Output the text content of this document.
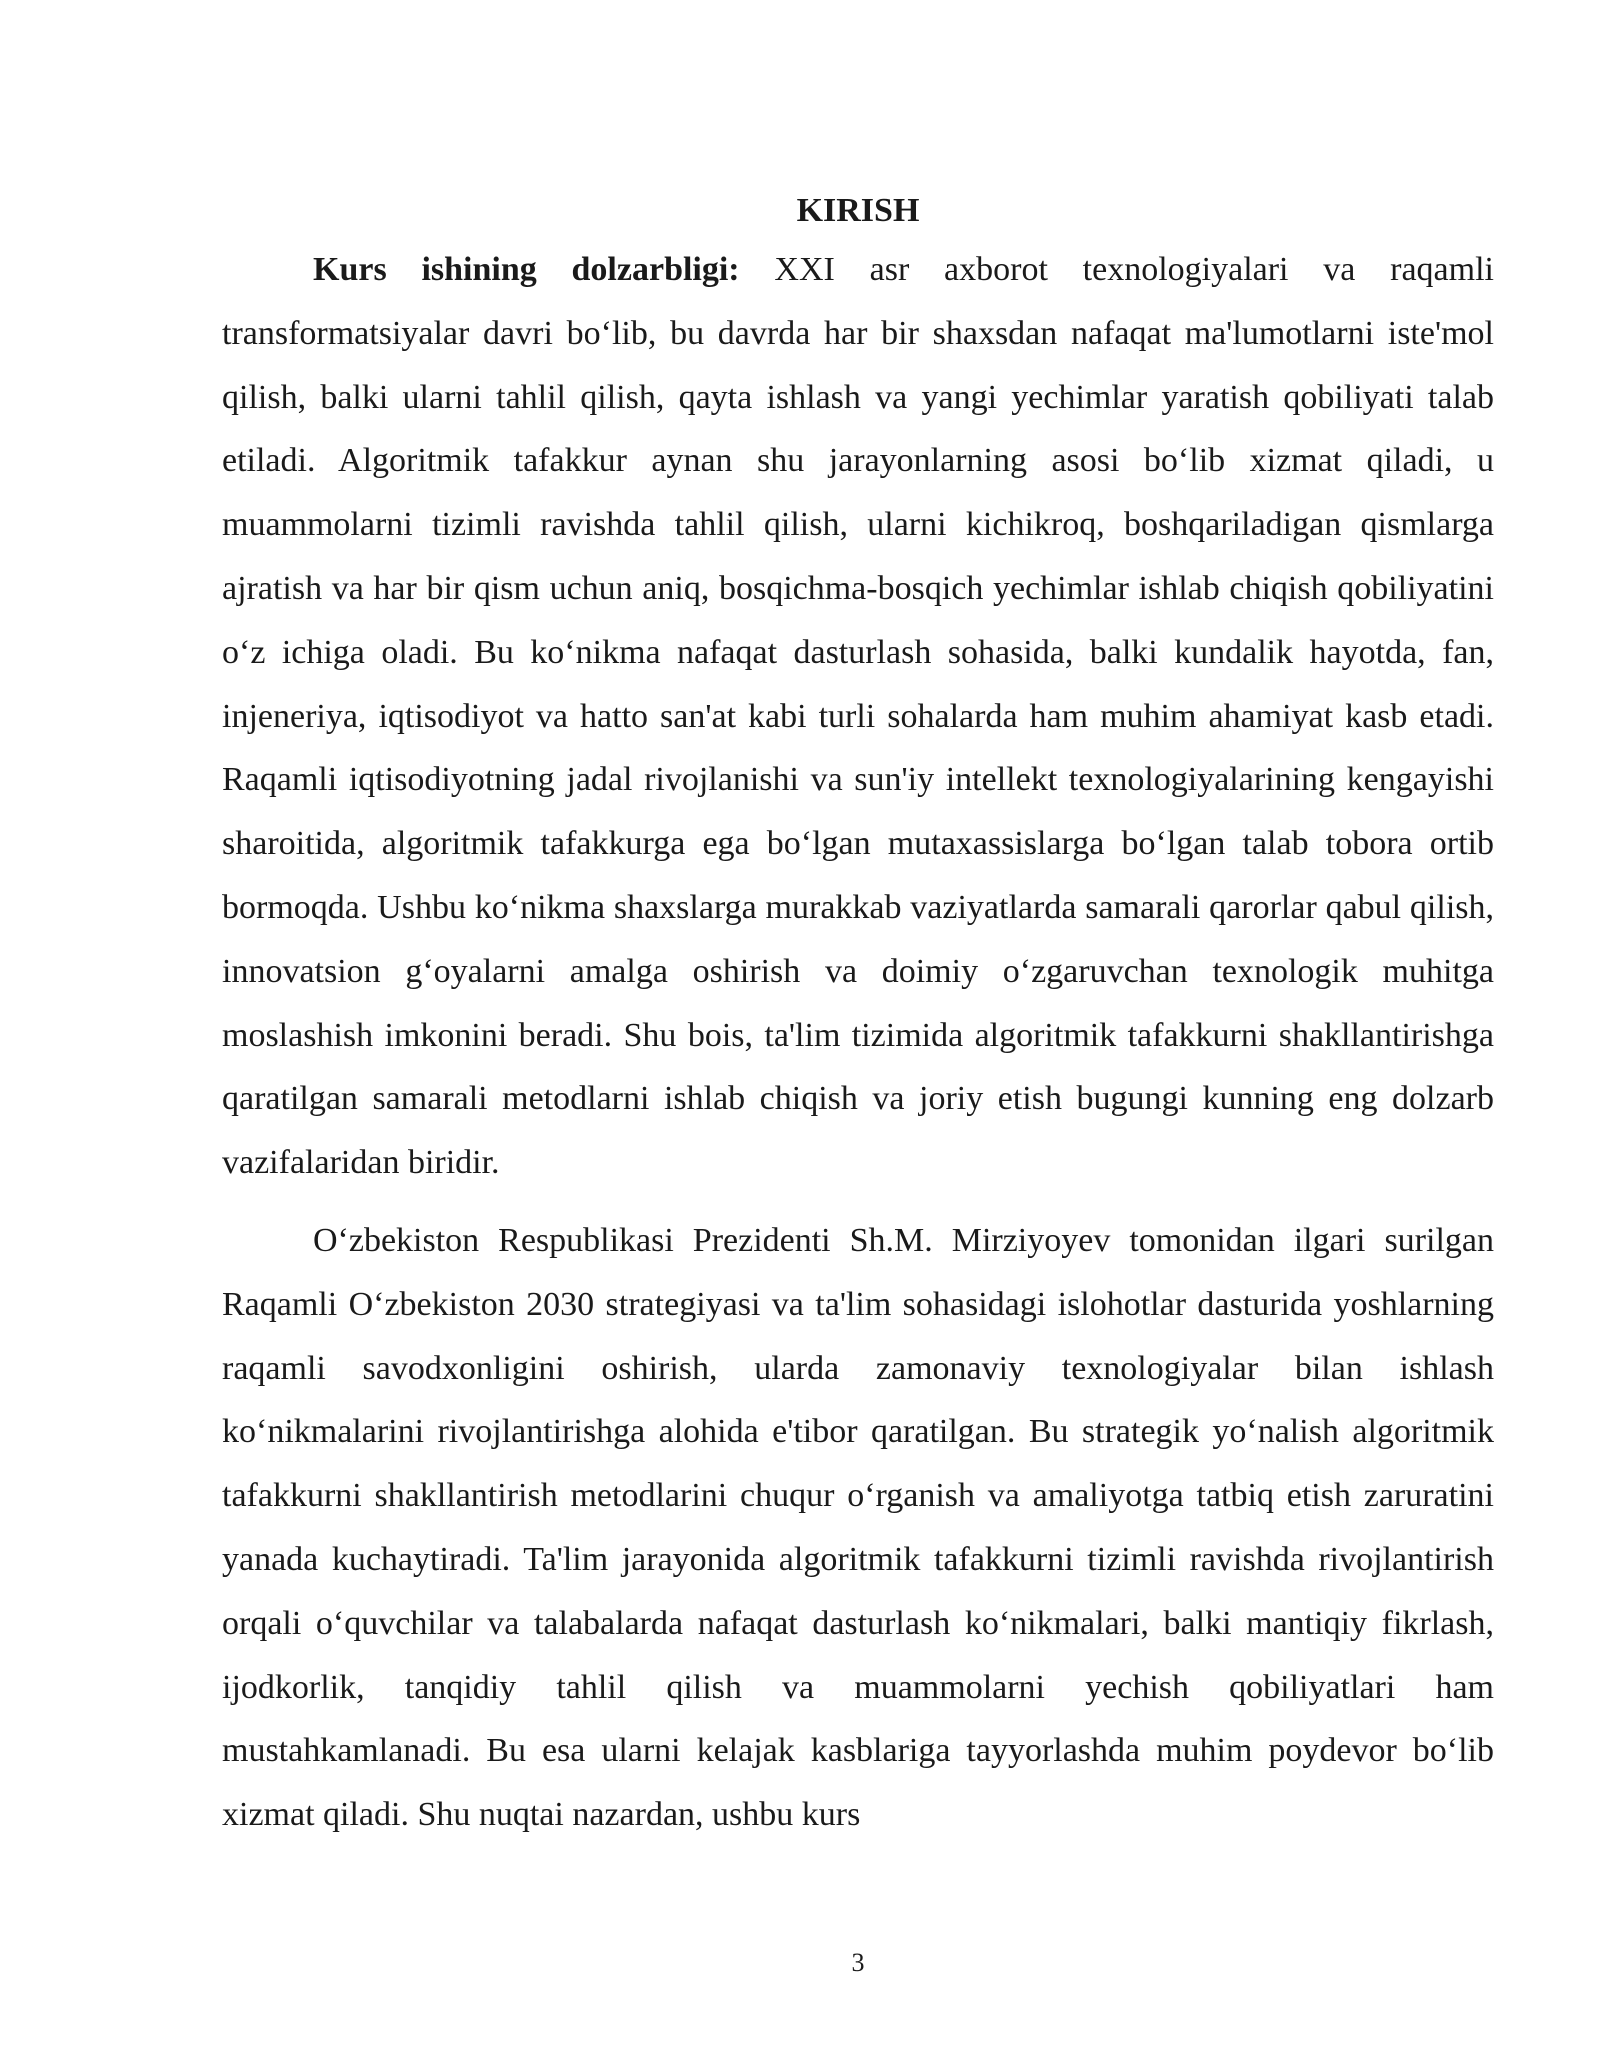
KIRISH

Kurs ishining dolzarbligi: XXI asr axborot texnologiyalari va raqamli transformatsiyalar davri bo‘lib, bu davrda har bir shaxsdan nafaqat ma'lumotlarni iste'mol qilish, balki ularni tahlil qilish, qayta ishlash va yangi yechimlar yaratish qobiliyati talab etiladi. Algoritmik tafakkur aynan shu jarayonlarning asosi bo‘lib xizmat qiladi, u muammolarni tizimli ravishda tahlil qilish, ularni kichikroq, boshqariladigan qismlarga ajratish va har bir qism uchun aniq, bosqichma-bosqich yechimlar ishlab chiqish qobiliyatini o‘z ichiga oladi. Bu ko‘nikma nafaqat dasturlash sohasida, balki kundalik hayotda, fan, injeneriya, iqtisodiyot va hatto san'at kabi turli sohalarda ham muhim ahamiyat kasb etadi. Raqamli iqtisodiyotning jadal rivojlanishi va sun'iy intellekt texnologiyalarining kengayishi sharoitida, algoritmik tafakkurga ega bo‘lgan mutaxassislarga bo‘lgan talab tobora ortib bormoqda. Ushbu ko‘nikma shaxslarga murakkab vaziyatlarda samarali qarorlar qabul qilish, innovatsion g‘oyalarni amalga oshirish va doimiy o‘zgaruvchan texnologik muhitga moslashish imkonini beradi. Shu bois, ta'lim tizimida algoritmik tafakkurni shakllantirishga qaratilgan samarali metodlarni ishlab chiqish va joriy etish bugungi kunning eng dolzarb vazifalaridan biridir.

O‘zbekiston Respublikasi Prezidenti Sh.M. Mirziyoyev tomonidan ilgari surilgan Raqamli O‘zbekiston 2030 strategiyasi va ta'lim sohasidagi islohotlar dasturida yoshlarning raqamli savodxonligini oshirish, ularda zamonaviy texnologiyalar bilan ishlash ko‘nikmalarini rivojlantirishga alohida e'tibor qaratilgan. Bu strategik yo‘nalish algoritmik tafakkurni shakllantirish metodlarini chuqur o‘rganish va amaliyotga tatbiq etish zaruratini yanada kuchaytiradi. Ta'lim jarayonida algoritmik tafakkurni tizimli ravishda rivojlantirish orqali o‘quvchilar va talabalarda nafaqat dasturlash ko‘nikmalari, balki mantiqiy fikrlash, ijodkorlik, tanqidiy tahlil qilish va muammolarni yechish qobiliyatlari ham mustahkamlanadi. Bu esa ularni kelajak kasblariga tayyorlashda muhim poydevor bo‘lib xizmat qiladi. Shu nuqtai nazardan, ushbu kurs

3
